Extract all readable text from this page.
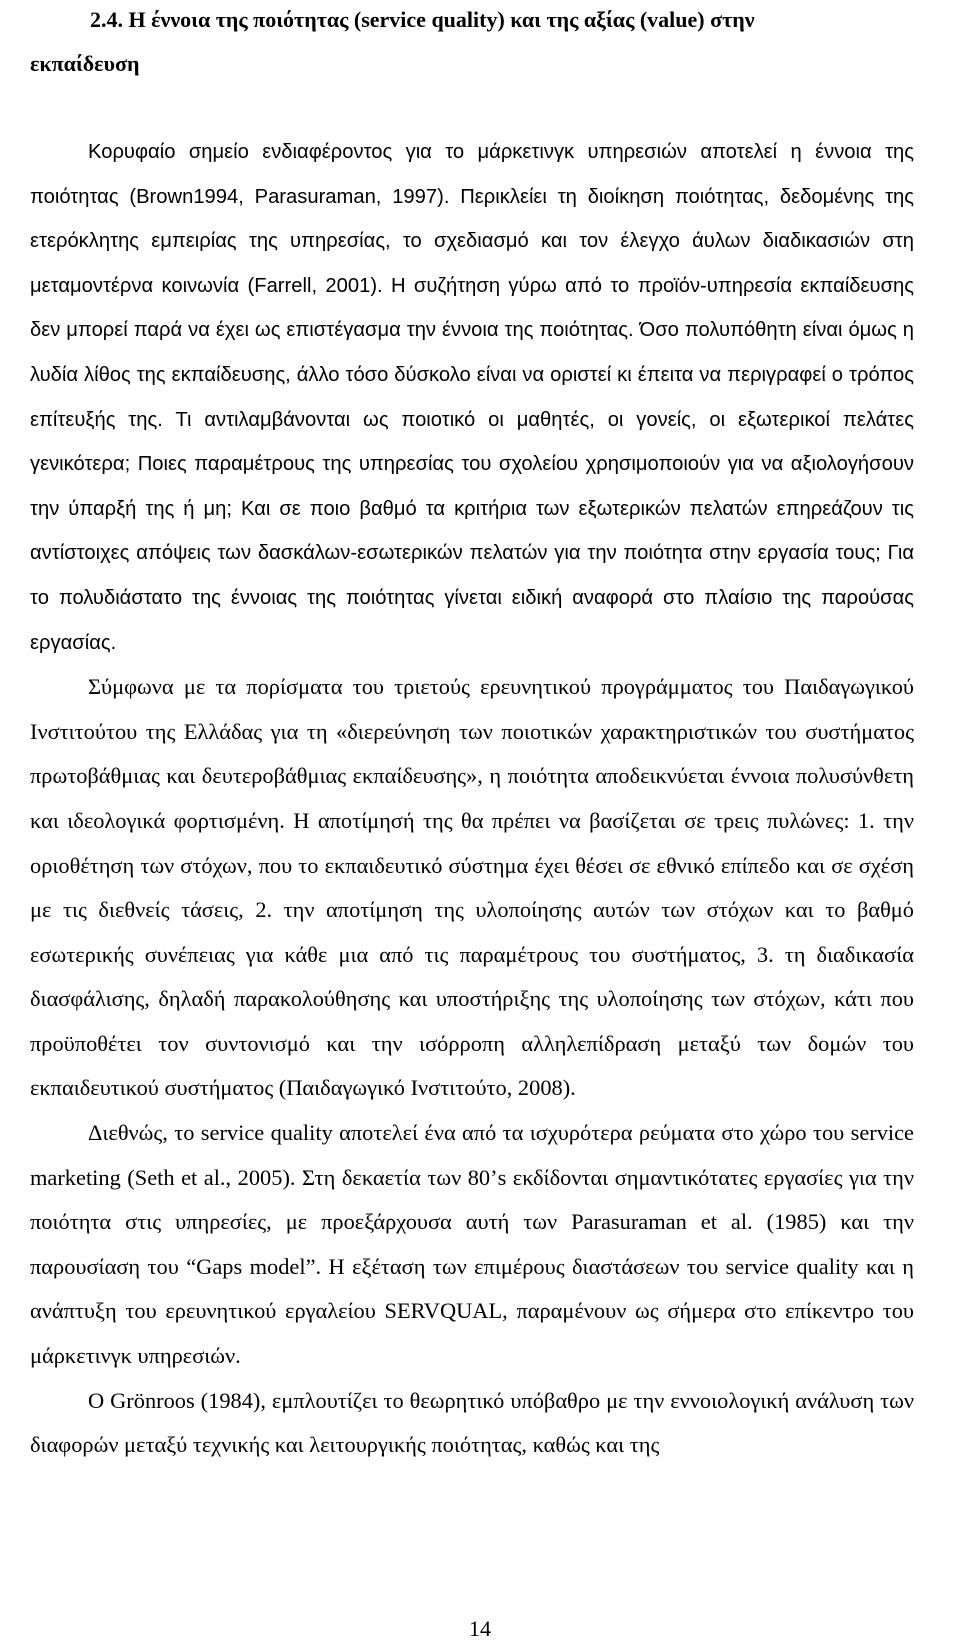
2.4. Η έννοια της ποιότητας (service quality) και της αξίας (value) στην
εκπαίδευση

Κορυφαίο σημείο ενδιαφέροντος για το μάρκετινγκ υπηρεσιών αποτελεί η έννοια της ποιότητας (Brown1994, Parasuraman, 1997). Περικλείει τη διοίκηση ποιότητας, δεδομένης της ετερόκλητης εμπειρίας της υπηρεσίας, το σχεδιασμό και τον έλεγχο άυλων διαδικασιών στη μεταμοντέρνα κοινωνία (Farrell, 2001). Η συζήτηση γύρω από το προϊόν-υπηρεσία εκπαίδευσης δεν μπορεί παρά να έχει ως επιστέγασμα την έννοια της ποιότητας. Όσο πολυπόθητη είναι όμως η λυδία λίθος της εκπαίδευσης, άλλο τόσο δύσκολο είναι να οριστεί κι έπειτα να περιγραφεί ο τρόπος επίτευξής της. Τι αντιλαμβάνονται ως ποιοτικό οι μαθητές, οι γονείς, οι εξωτερικοί πελάτες γενικότερα; Ποιες παραμέτρους της υπηρεσίας του σχολείου χρησιμοποιούν για να αξιολογήσουν την ύπαρξή της ή μη; Και σε ποιο βαθμό τα κριτήρια των εξωτερικών πελατών επηρεάζουν τις αντίστοιχες απόψεις των δασκάλων-εσωτερικών πελατών για την ποιότητα στην εργασία τους; Για το πολυδιάστατο της έννοιας της ποιότητας γίνεται ειδική αναφορά στο πλαίσιο της παρούσας εργασίας.

Σύμφωνα με τα πορίσματα του τριετούς ερευνητικού προγράμματος του Παιδαγωγικού Ινστιτούτου της Ελλάδας για τη «διερεύνηση των ποιοτικών χαρακτηριστικών του συστήματος πρωτοβάθμιας και δευτεροβάθμιας εκπαίδευσης», η ποιότητα αποδεικνύεται έννοια πολυσύνθετη και ιδεολογικά φορτισμένη. Η αποτίμησή της θα πρέπει να βασίζεται σε τρεις πυλώνες: 1. την οριοθέτηση των στόχων, που το εκπαιδευτικό σύστημα έχει θέσει σε εθνικό επίπεδο και σε σχέση με τις διεθνείς τάσεις, 2. την αποτίμηση της υλοποίησης αυτών των στόχων και το βαθμό εσωτερικής συνέπειας για κάθε μια από τις παραμέτρους του συστήματος, 3. τη διαδικασία διασφάλισης, δηλαδή παρακολούθησης και υποστήριξης της υλοποίησης των στόχων, κάτι που προϋποθέτει τον συντονισμό και την ισόρροπη αλληλεπίδραση μεταξύ των δομών του εκπαιδευτικού συστήματος (Παιδαγωγικό Ινστιτούτο, 2008).

Διεθνώς, το service quality αποτελεί ένα από τα ισχυρότερα ρεύματα στο χώρο του service marketing (Seth et al., 2005). Στη δεκαετία των 80’s εκδίδονται σημαντικότατες εργασίες για την ποιότητα στις υπηρεσίες, με προεξάρχουσα αυτή των Parasuraman et al. (1985) και την παρουσίαση του “Gaps model”. Η εξέταση των επιμέρους διαστάσεων του service quality και η ανάπτυξη του ερευνητικού εργαλείου SERVQUAL, παραμένουν ως σήμερα στο επίκεντρο του μάρκετινγκ υπηρεσιών.

Ο Grönroos (1984), εμπλουτίζει το θεωρητικό υπόβαθρο με την εννοιολογική ανάλυση των διαφορών μεταξύ τεχνικής και λειτουργικής ποιότητας, καθώς και της

14
